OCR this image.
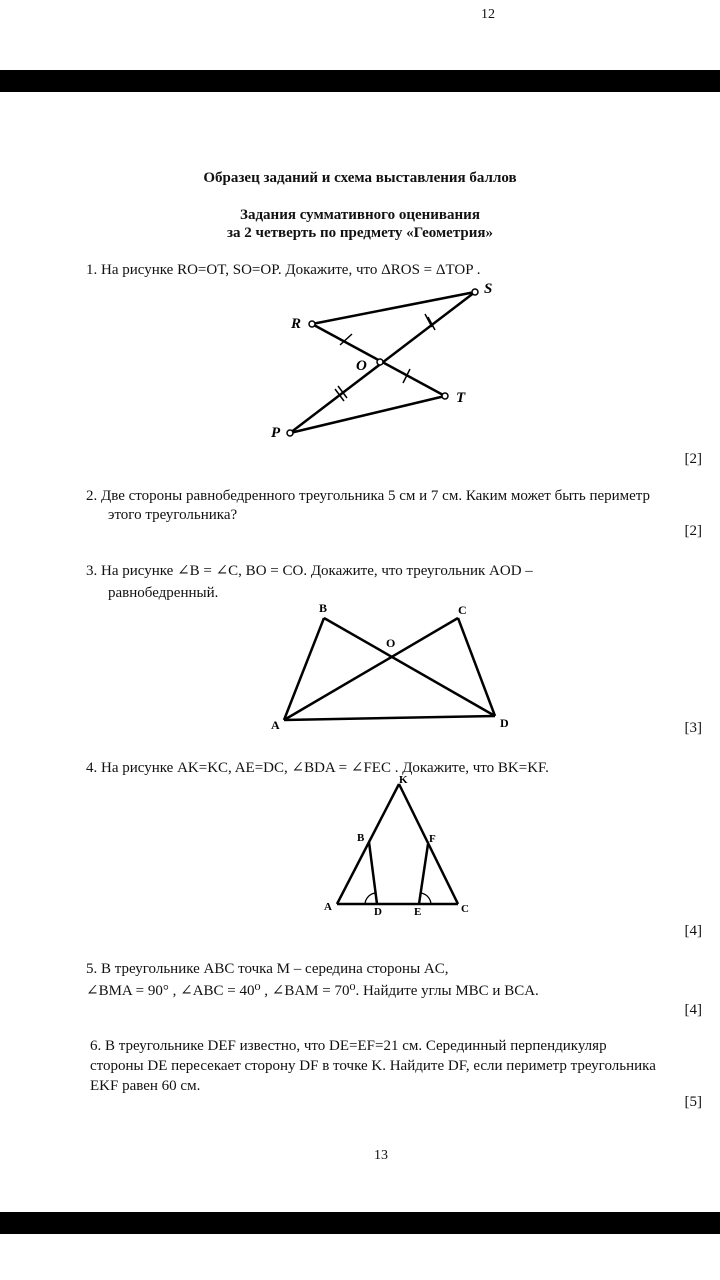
12
13
Образец заданий и схема выставления баллов
Задания суммативного оценивания
за 2 четверть по предмету «Геометрия»
1. На рисунке RO=OT, SO=OP. Докажите, что ΔROS = ΔTOP .
R
S
O
T
P
[2]
2. Две стороны равнобедренного треугольника 5 см и 7 см. Каким может быть периметр
этого треугольника?
[2]
3. На рисунке ∠B = ∠C, BO = CO. Докажите, что треугольник AOD –
равнобедренный.
B	C
O
A	D	[3]
4. На рисунке AK=KC, AE=DC, ∠BDA = ∠FEC . Докажите, что BK=KF.
K
B	F
A	D	E	C
[4]
5. В треугольнике ABC точка M – середина стороны AC,
∠BMA = 90° , ∠ABC = 40⁰ , ∠BAM = 70⁰. Найдите углы MBC и BCA.
[4]
6. В треугольнике DEF известно, что DE=EF=21 см. Серединный перпендикуляр
стороны DE пересекает сторону DF в точке K. Найдите DF, если периметр треугольника
EKF равен 60 см.
[5]
